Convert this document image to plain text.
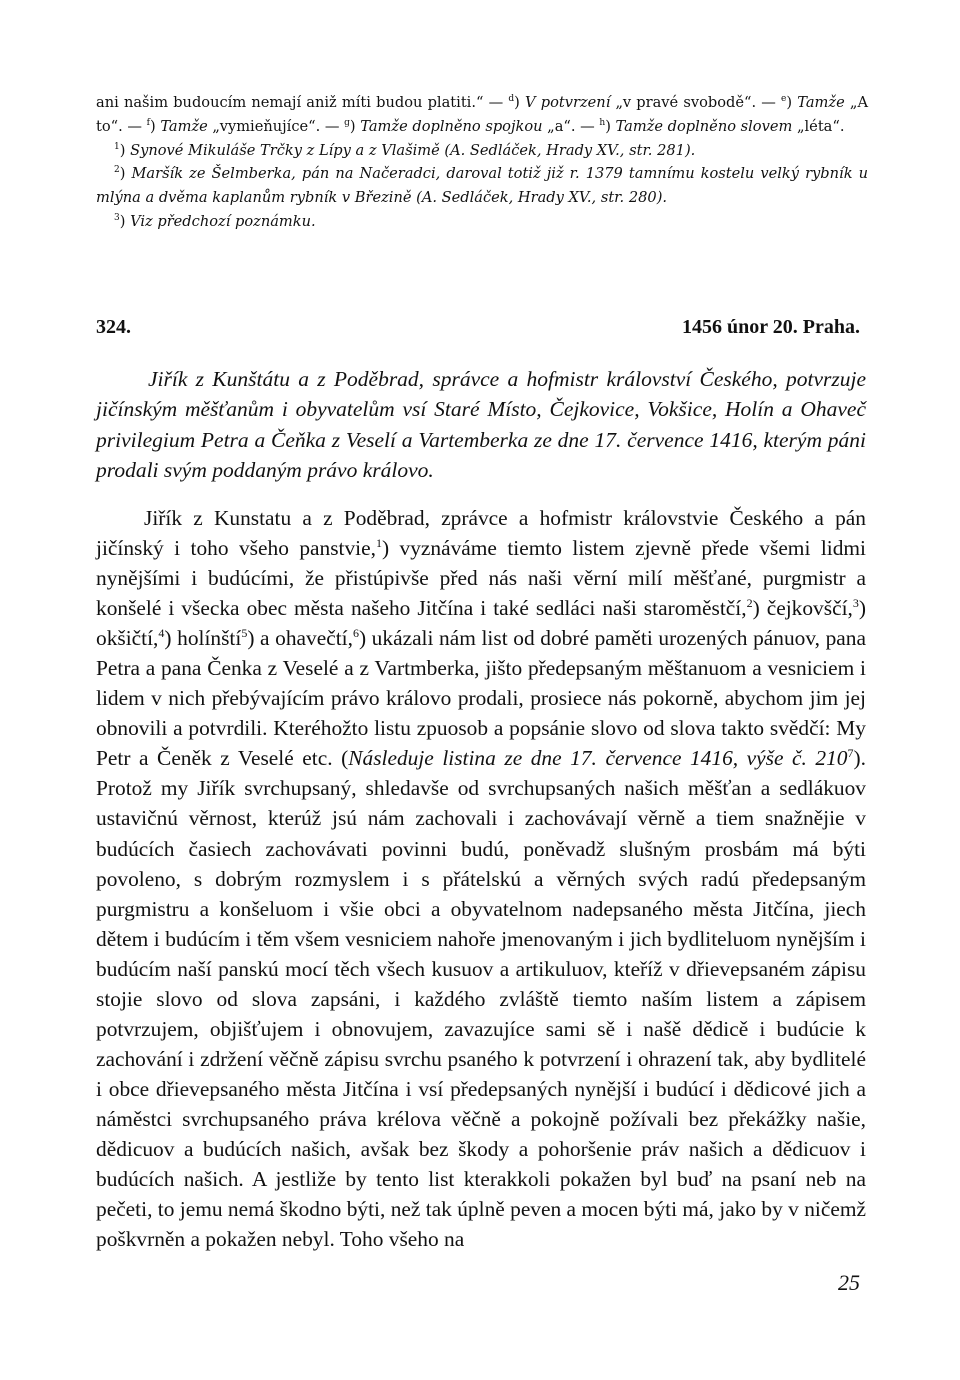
ani našim budoucím nemají aniž míti budou platiti.“ — $^d$) V potvrzení „v pravé svobodě“. — $^e$) Tamže „A to“. — $^f$) Tamže „vymieňujíce“. — $^g$) Tamže doplněno spojkou „a“. — $^h$) Tamže doplněno slovem „léta“.

$^1$) Synové Mikuláše Trčky z Lípy a z Vlašimě (A. Sedláček, Hrady XV., str. 281).

$^2$) Maršík ze Šelmberka, pán na Načeradci, daroval totiž již r. 1379 tamnímu kostelu velký rybník u mlýna a dvěma kaplanům rybník v Březině (A. Sedláček, Hrady XV., str. 280).

$^3$) Viz předchozí poznámku.

324.	1456 únor 20. Praha.

Jiřík z Kunštátu a z Poděbrad, správce a hofmistr království Českého, potvrzuje jičínským měšťanům i obyvatelům vsí Staré Místo, Čejkovice, Vokšice, Holín a Ohaveč privilegium Petra a Čeňka z Veselí a Vartemberka ze dne 17. července 1416, kterým páni prodali svým poddaným právo královo.

Jiřík z Kunstatu a z Poděbrad, zprávce a hofmistr královstvie Českého a pán jičínský i toho všeho panstvie,$^1$) vyznáváme tiemto listem zjevně přede všemi lidmi nynějšími i budúcími, že přistúpivše před nás naši věrní milí měšťané, purgmistr a konšelé i všecka obec města našeho Jitčína i také sedláci naši staroměstčí,$^2$) čejkovščí,$^3$) okšičtí,$^4$) holínští$^5$) a ohavečtí,$^6$) ukázali nám list od dobré paměti urozených pánuov, pana Petra a pana Čenka z Veselé a z Vartmberka, jišto předepsaným měštanuom a vesniciem i lidem v nich přebývajícím právo královo prodali, prosiece nás pokorně, abychom jim jej obnovili a potvrdili. Kteréhožto listu zpuosob a popsánie slovo od slova takto svědčí: My Petr a Čeněk z Veselé etc. (Následuje listina ze dne 17. července 1416, výše č. $210^7$). Protož my Jiřík svrchupsaný, shledavše od svrchupsaných našich měšťan a sedlákuov ustavičnú věrnost, kterúž jsú nám zachovali i zachovávají věrně a tiem snažnějie v budúcích časiech zachovávati povinni budú, poněvadž slušným prosbám má býti povoleno, s dobrým rozmyslem i s přátelskú a věrných svých radú předepsaným purgmistru a konšeluom i všie obci a obyvatelnom nadepsaného města Jitčína, jiech dětem i budúcím i těm všem vesniciem nahoře jmenovaným i jich bydliteluom nynějším i budúcím naší panskú mocí těch všech kusuov a artikuluov, kteříž v dřievepsaném zápisu stojie slovo od slova zapsáni, i každého zvláště tiemto naším listem a zápisem potvrzujem, objišťujem i obnovujem, zavazujíce sami sě i našě dědicě i budúcie k zachování i zdržení věčně zápisu svrchu psaného k potvrzení i ohrazení tak, aby bydlitelé i obce dřievepsaného města Jitčína i vsí předepsaných nynější i budúcí i dědicové jich a náměstci svrchupsaného práva krélova věčně a pokojně požívali bez překážky našie, dědicuov a budúcích našich, avšak bez škody a pohoršenie práv našich a dědicuov i budúcích našich. A jestliže by tento list kterakkoli pokažen byl buď na psaní neb na pečeti, to jemu nemá škodno býti, než tak úplně peven a mocen býti má, jako by v ničemž poškvrněn a pokažen nebyl. Toho všeho na

25
